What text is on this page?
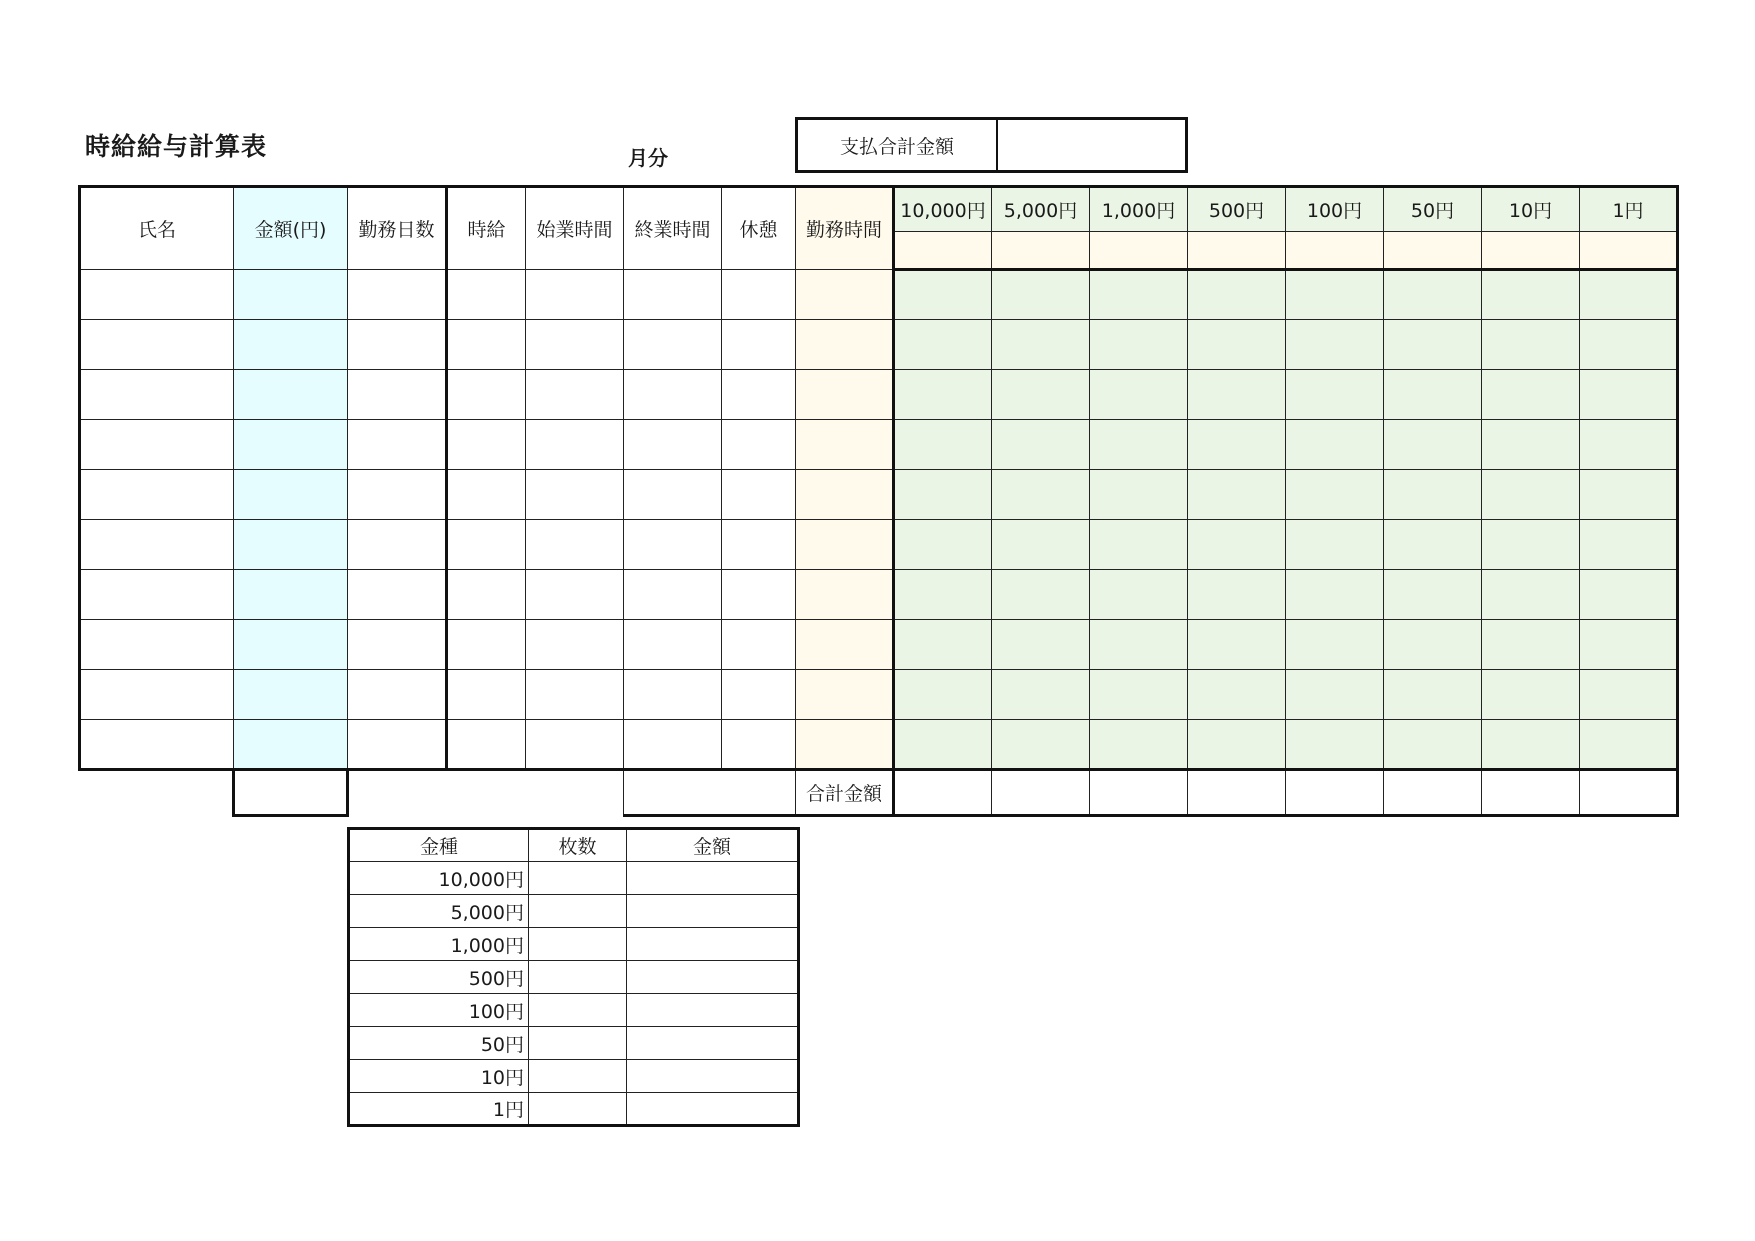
時給給与計算表	月分	支払合計金額
氏名	金額(円)	勤務日数	時給	始業時間	終業時間	休憩	勤務時間	10,000円	5,000円	1,000円	500円	100円	50円	10円	1円

							合計金額								
金種	枚数	金額
10,000円		
5,000円		
1,000円		
500円		
100円		
50円		
10円		
1円		
